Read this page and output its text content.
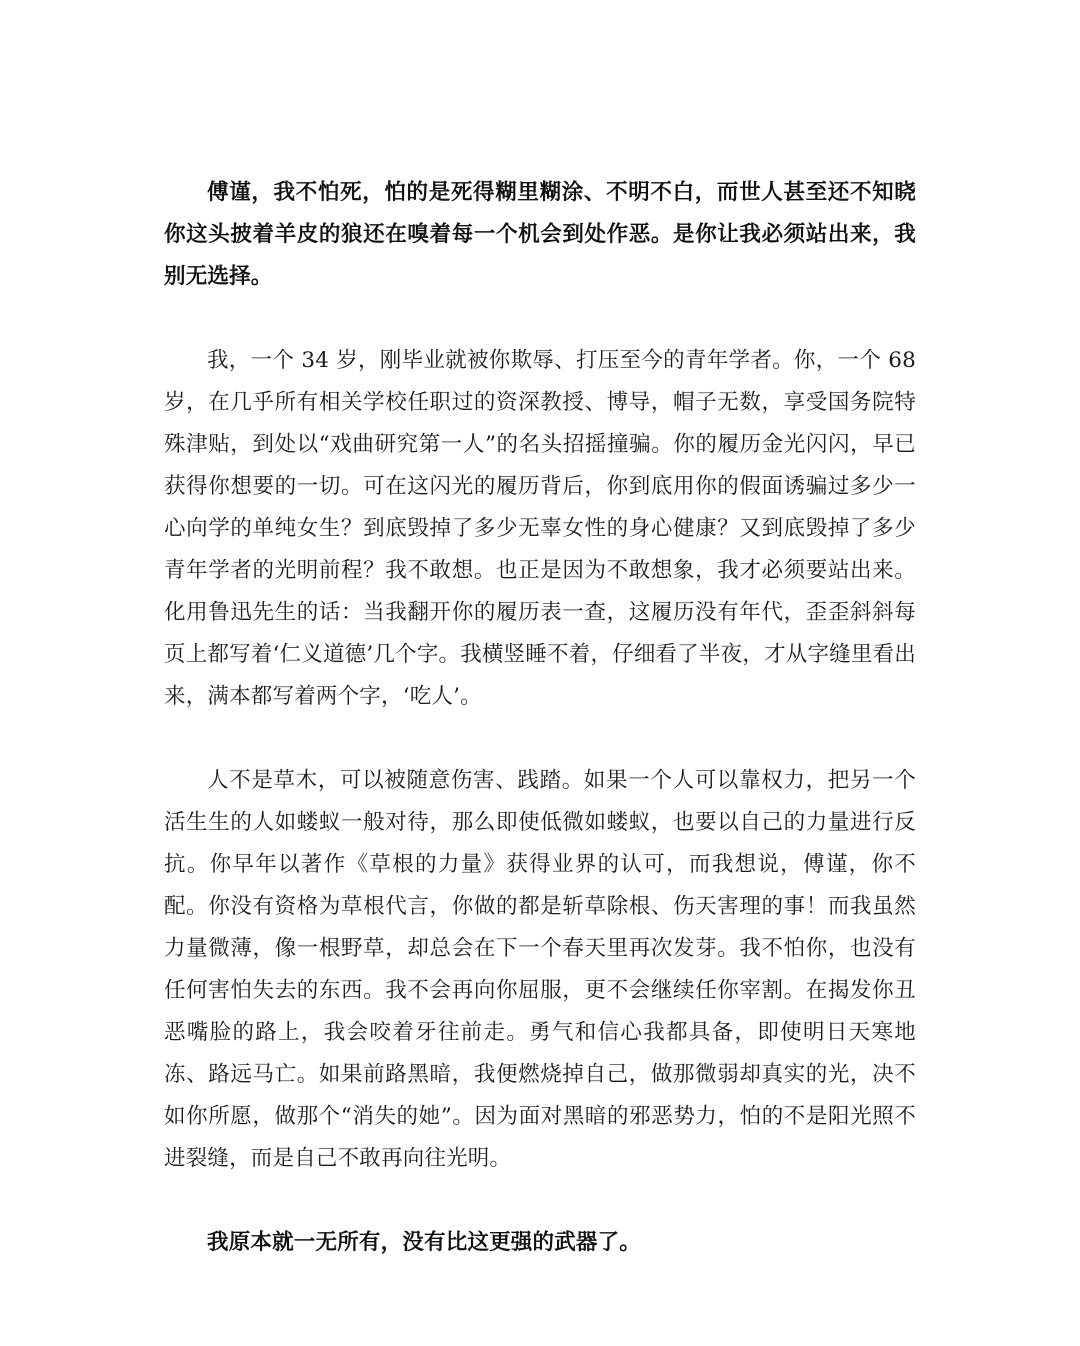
傅谨，我不怕死，怕的是死得糊里糊涂、不明不白，而世人甚至还不知晓你这头披着羊皮的狼还在嗅着每一个机会到处作恶。是你让我必须站出来，我别无选择。

我，一个 34 岁，刚毕业就被你欺辱、打压至今的青年学者。你，一个 68 岁，在几乎所有相关学校任职过的资深教授、博导，帽子无数，享受国务院特殊津贴，到处以“戏曲研究第一人”的名头招摇撞骗。你的履历金光闪闪，早已获得你想要的一切。可在这闪光的履历背后，你到底用你的假面诱骗过多少一心向学的单纯女生？到底毁掉了多少无辜女性的身心健康？又到底毁掉了多少青年学者的光明前程？我不敢想。也正是因为不敢想象，我才必须要站出来。化用鲁迅先生的话：当我翻开你的履历表一查，这履历没有年代，歪歪斜斜每页上都写着‘仁义道德’几个字。我横竖睡不着，仔细看了半夜，才从字缝里看出来，满本都写着两个字，‘吃人’。

人不是草木，可以被随意伤害、践踏。如果一个人可以靠权力，把另一个活生生的人如蝼蚁一般对待，那么即使低微如蝼蚁，也要以自己的力量进行反抗。你早年以著作《草根的力量》获得业界的认可，而我想说，傅谨，你不配。你没有资格为草根代言，你做的都是斩草除根、伤天害理的事！而我虽然力量微薄，像一根野草，却总会在下一个春天里再次发芽。我不怕你，也没有任何害怕失去的东西。我不会再向你屈服，更不会继续任你宰割。在揭发你丑恶嘴脸的路上，我会咬着牙往前走。勇气和信心我都具备，即使明日天寒地冻、路远马亡。如果前路黑暗，我便燃烧掉自己，做那微弱却真实的光，决不如你所愿，做那个“消失的她”。因为面对黑暗的邪恶势力，怕的不是阳光照不进裂缝，而是自己不敢再向往光明。

我原本就一无所有，没有比这更强的武器了。
